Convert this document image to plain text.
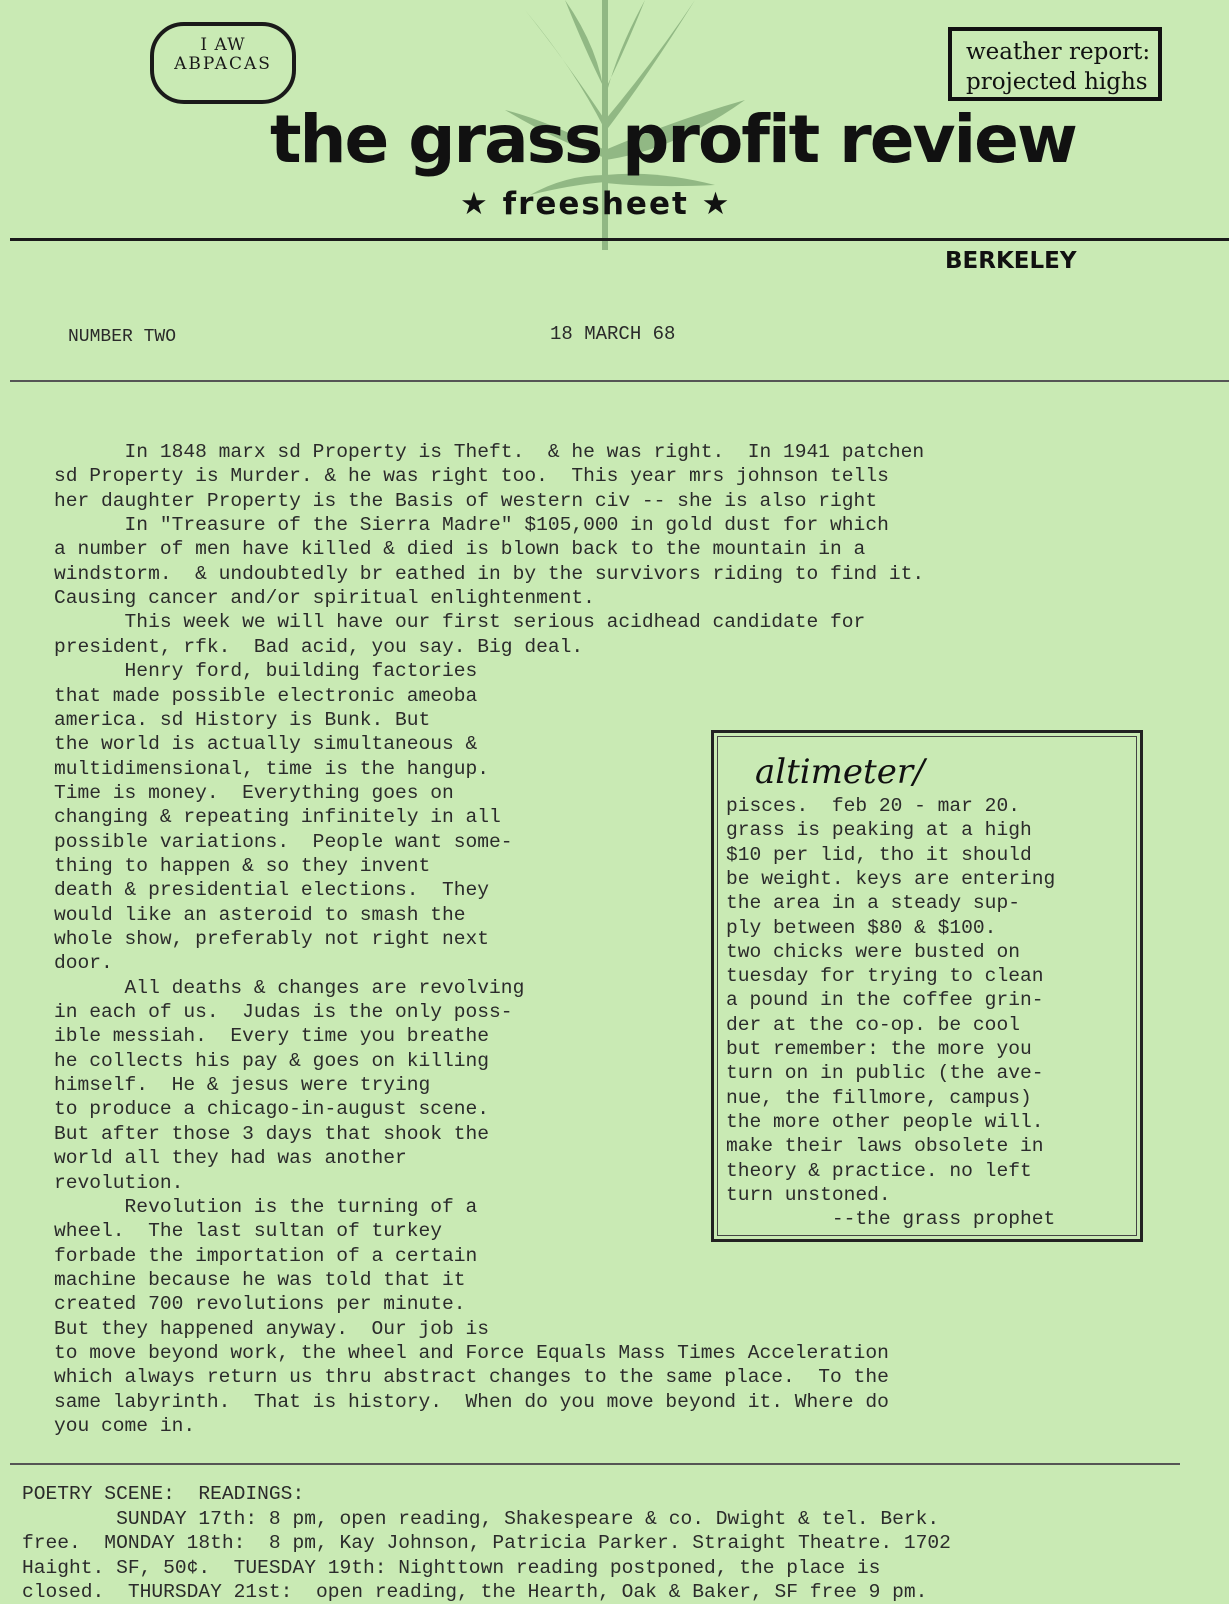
I AW
ABPACAS	weather report:
projected highs
the grass profit review
★ freesheet ★
BERKELEY
NUMBER TWO	18 MARCH 68
In 1848 marx sd Property is Theft.  & he was right.  In 1941 patchen
sd Property is Murder. & he was right too.  This year mrs johnson tells
her daughter Property is the Basis of western civ -- she is also right
In "Treasure of the Sierra Madre" $105,000 in gold dust for which
a number of men have killed & died is blown back to the mountain in a
windstorm.  & undoubtedly br eathed in by the survivors riding to find it.
Causing cancer and/or spiritual enlightenment.
This week we will have our first serious acidhead candidate for
president, rfk.  Bad acid, you say. Big deal.
Henry ford, building factories
that made possible electronic ameoba
america. sd History is Bunk. But
the world is actually simultaneous &
multidimensional, time is the hangup.
Time is money.  Everything goes on
changing & repeating infinitely in all
possible variations.  People want some-
thing to happen & so they invent
death & presidential elections.  They
would like an asteroid to smash the
whole show, preferably not right next
door.
All deaths & changes are revolving
in each of us.  Judas is the only poss-
ible messiah.  Every time you breathe
he collects his pay & goes on killing
himself.  He & jesus were trying
to produce a chicago-in-august scene.
But after those 3 days that shook the
world all they had was another
revolution.
Revolution is the turning of a
wheel.  The last sultan of turkey
forbade the importation of a certain
machine because he was told that it
created 700 revolutions per minute.
But they happened anyway.  Our job is
to move beyond work, the wheel and Force Equals Mass Times Acceleration
which always return us thru abstract changes to the same place.  To the
same labyrinth.  That is history.  When do you move beyond it. Where do
you come in.
altimeter/
pisces.  feb 20 - mar 20.
grass is peaking at a high
$10 per lid, tho it should
be weight. keys are entering
the area in a steady sup-
ply between $80 & $100.
two chicks were busted on
tuesday for trying to clean
a pound in the coffee grin-
der at the co-op. be cool
but remember: the more you
turn on in public (the ave-
nue, the fillmore, campus)
the more other people will.
make their laws obsolete in
theory & practice. no left
turn unstoned.
--the grass prophet
POETRY SCENE:  READINGS:
SUNDAY 17th: 8 pm, open reading, Shakespeare & co. Dwight & tel. Berk.
free.  MONDAY 18th:  8 pm, Kay Johnson, Patricia Parker. Straight Theatre. 1702
Haight. SF, 50¢.  TUESDAY 19th: Nighttown reading postponed, the place is
closed.  THURSDAY 21st:  open reading, the Hearth, Oak & Baker, SF free 9 pm.
